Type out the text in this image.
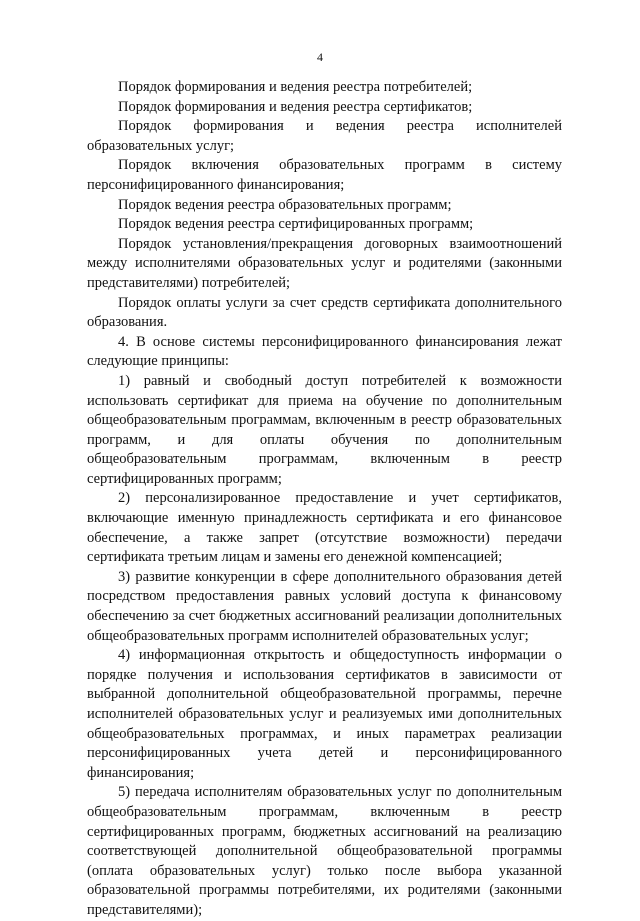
4

Порядок формирования и ведения реестра потребителей;

Порядок формирования и ведения реестра сертификатов;

Порядок формирования и ведения реестра исполнителей образовательных услуг;

Порядок включения образовательных программ в систему персонифицированного финансирования;

Порядок ведения реестра образовательных программ;

Порядок ведения реестра сертифицированных программ;

Порядок установления/прекращения договорных взаимоотношений между исполнителями образовательных услуг и родителями (законными представителями) потребителей;

Порядок оплаты услуги за счет средств сертификата дополнительного образования.

4. В основе системы персонифицированного финансирования лежат следующие принципы:

1) равный и свободный доступ потребителей к возможности использовать сертификат для приема на обучение по дополнительным общеобразовательным программам, включенным в реестр образовательных программ, и для оплаты обучения по дополнительным общеобразовательным программам, включенным в реестр сертифицированных программ;

2) персонализированное предоставление и учет сертификатов, включающие именную принадлежность сертификата и его финансовое обеспечение, а также запрет (отсутствие возможности) передачи сертификата третьим лицам и замены его денежной компенсацией;

3) развитие конкуренции в сфере дополнительного образования детей посредством предоставления равных условий доступа к финансовому обеспечению за счет бюджетных ассигнований реализации дополнительных общеобразовательных программ исполнителей образовательных услуг;

4) информационная открытость и общедоступность информации о порядке получения и использования сертификатов в зависимости от выбранной дополнительной общеобразовательной программы, перечне исполнителей образовательных услуг и реализуемых ими дополнительных общеобразовательных программах, и иных параметрах реализации персонифицированных учета детей и персонифицированного финансирования;

5) передача исполнителям образовательных услуг по дополнительным общеобразовательным программам, включенным в реестр сертифицированных программ, бюджетных ассигнований на реализацию соответствующей дополнительной общеобразовательной программы (оплата образовательных услуг) только после выбора указанной образовательной программы потребителями, их родителями (законными представителями);
